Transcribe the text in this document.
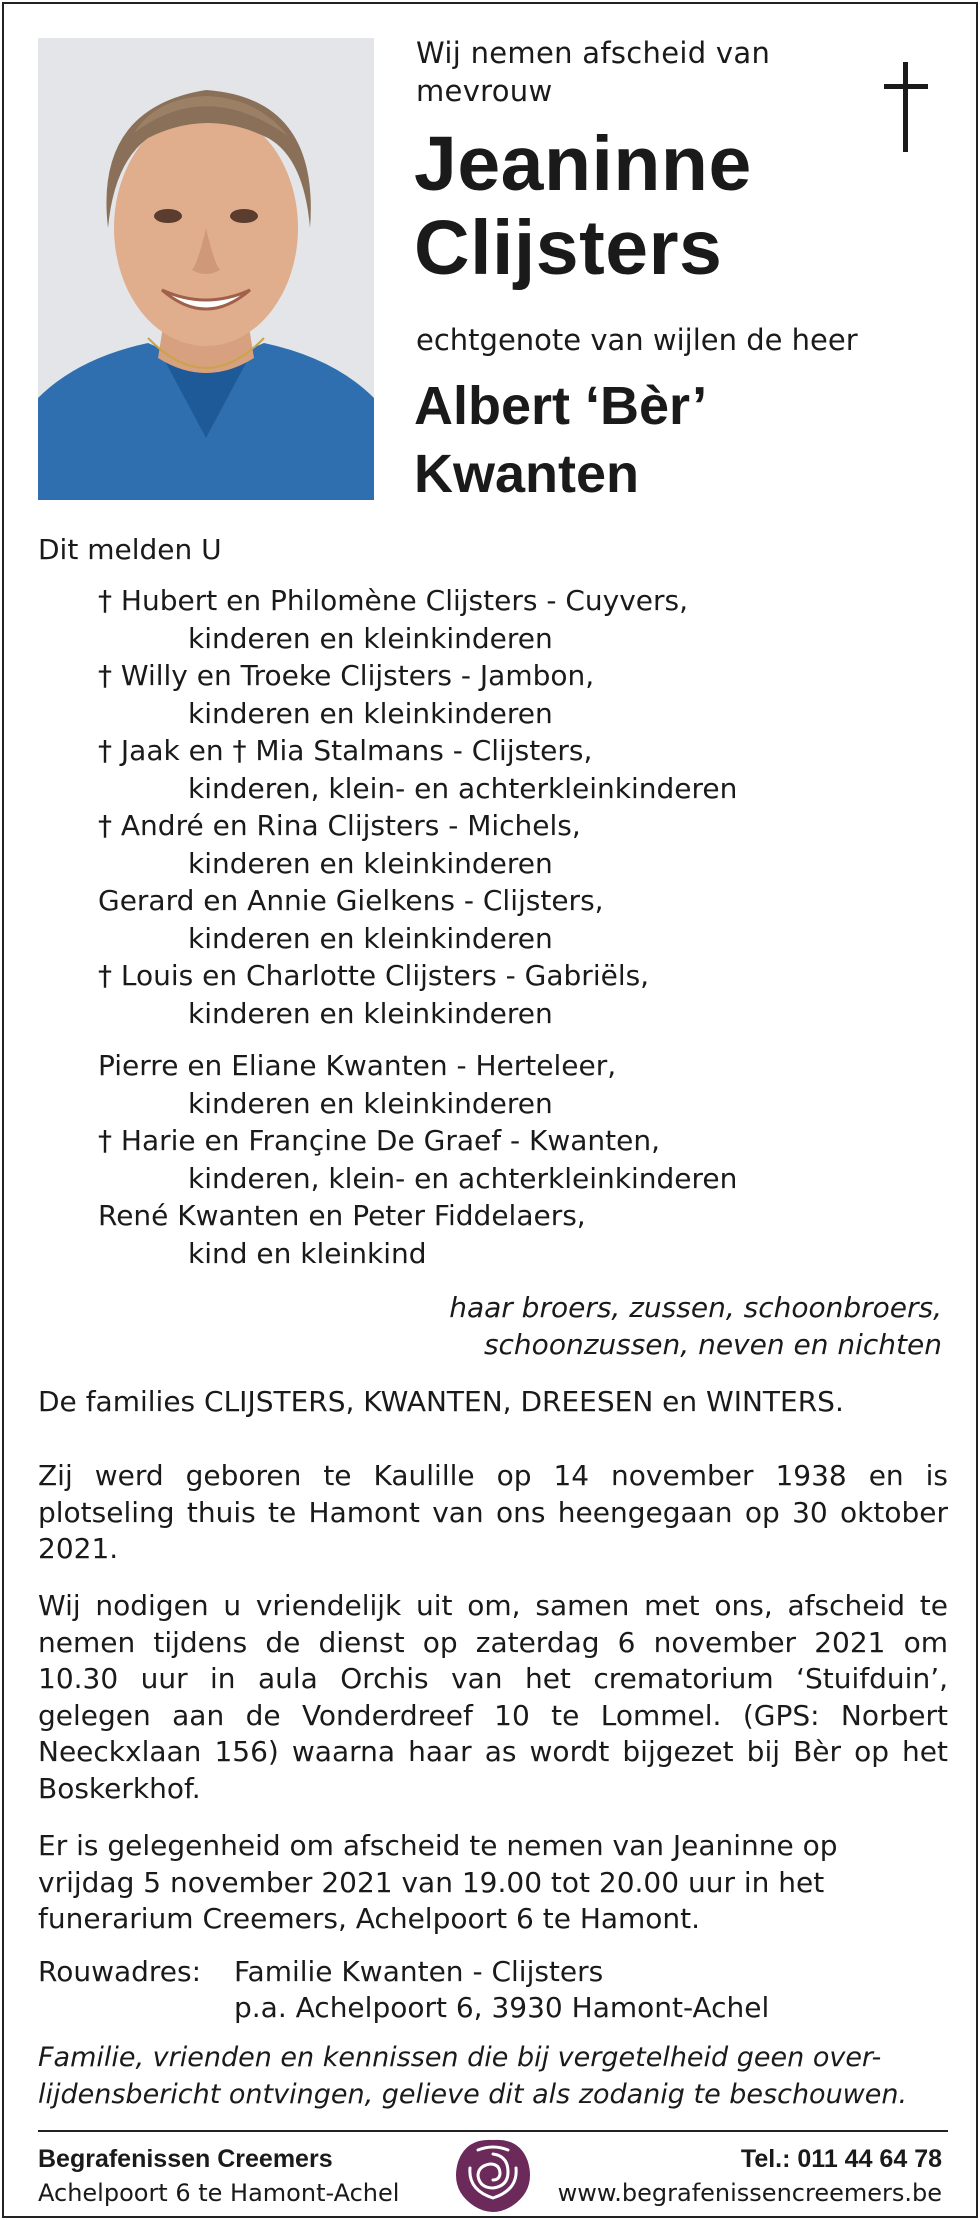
Wij nemen afscheid van
mevrouw
Jeaninne
Clijsters
echtgenote van wijlen de heer
Albert ‘Bèr’
Kwanten
Dit melden U
† Hubert en Philomène Clijsters - Cuyvers,
kinderen en kleinkinderen
† Willy en Troeke Clijsters - Jambon,
kinderen en kleinkinderen
† Jaak en † Mia Stalmans - Clijsters,
kinderen, klein- en achterkleinkinderen
† André en Rina Clijsters - Michels,
kinderen en kleinkinderen
Gerard en Annie Gielkens - Clijsters,
kinderen en kleinkinderen
† Louis en Charlotte Clijsters - Gabriëls,
kinderen en kleinkinderen
Pierre en Eliane Kwanten - Herteleer,
kinderen en kleinkinderen
† Harie en Françine De Graef - Kwanten,
kinderen, klein- en achterkleinkinderen
René Kwanten en Peter Fiddelaers,
kind en kleinkind
haar broers, zussen, schoonbroers,
schoonzussen, neven en nichten
De families CLIJSTERS, KWANTEN, DREESEN en WINTERS.
Zij werd geboren te Kaulille op 14 november 1938 en is plotseling thuis te Hamont van ons heengegaan op 30 oktober 2021.
Wij nodigen u vriendelijk uit om, samen met ons, afscheid te nemen tijdens de dienst op zaterdag 6 november 2021 om 10.30 uur in aula Orchis van het crematorium ‘Stuifduin’, gelegen aan de Vonderdreef 10 te Lommel. (GPS: Norbert Neeckxlaan 156) waarna haar as wordt bijgezet bij Bèr op het Boskerkhof.
Er is gelegenheid om afscheid te nemen van Jeaninne op
vrijdag 5 november 2021 van 19.00 tot 20.00 uur in het
funerarium Creemers, Achelpoort 6 te Hamont.
Rouwadres: Familie Kwanten - Clijsters
p.a. Achelpoort 6, 3930 Hamont-Achel
Familie, vrienden en kennissen die bij vergetelheid geen over-
lijdensbericht ontvingen, gelieve dit als zodanig te beschouwen.
Begrafenissen Creemers
Achelpoort 6 te Hamont-Achel
Tel.: 011 44 64 78
www.begrafenissencreemers.be
